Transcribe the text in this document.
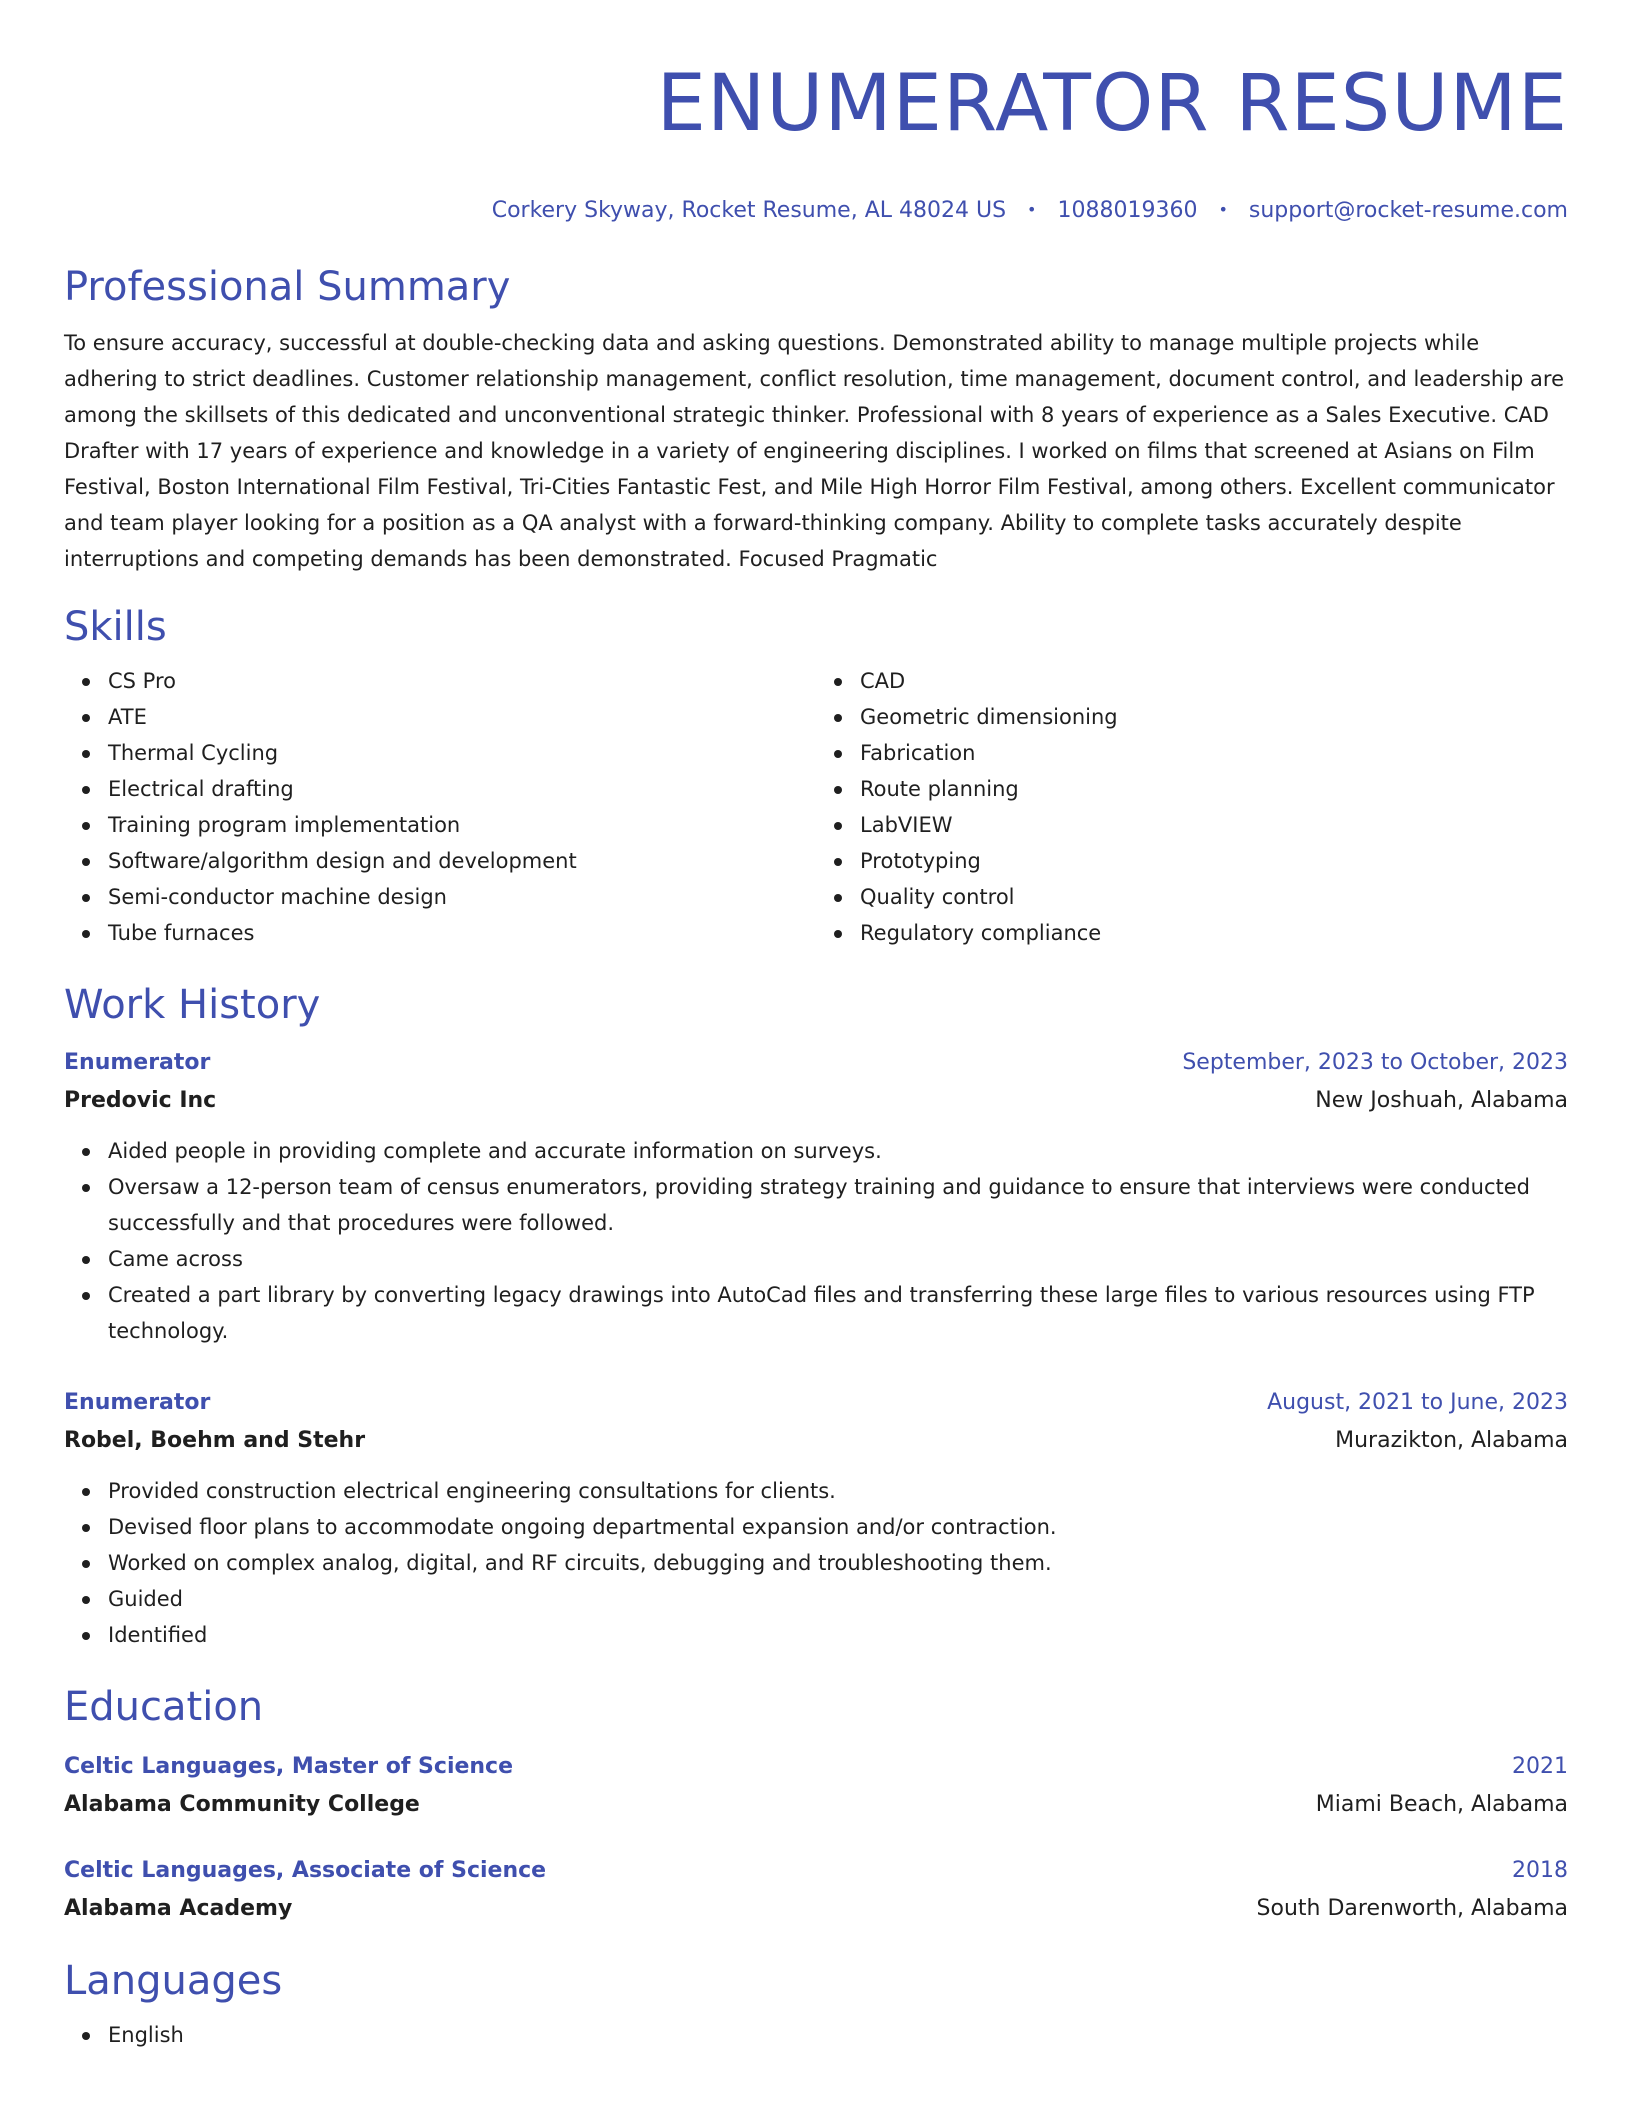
ENUMERATOR RESUME
Corkery Skyway, Rocket Resume, AL 48024 US • 1088019360 • support@rocket-resume.com
Professional Summary
To ensure accuracy, successful at double-checking data and asking questions. Demonstrated ability to manage multiple projects while adhering to strict deadlines. Customer relationship management, conflict resolution, time management, document control, and leadership are among the skillsets of this dedicated and unconventional strategic thinker. Professional with 8 years of experience as a Sales Executive. CAD Drafter with 17 years of experience and knowledge in a variety of engineering disciplines. I worked on films that screened at Asians on Film Festival, Boston International Film Festival, Tri-Cities Fantastic Fest, and Mile High Horror Film Festival, among others. Excellent communicator and team player looking for a position as a QA analyst with a forward-thinking company. Ability to complete tasks accurately despite interruptions and competing demands has been demonstrated. Focused Pragmatic
Skills
CS Pro
ATE
Thermal Cycling
Electrical drafting
Training program implementation
Software/algorithm design and development
Semi-conductor machine design
Tube furnaces
CAD
Geometric dimensioning
Fabrication
Route planning
LabVIEW
Prototyping
Quality control
Regulatory compliance
Work History
Enumerator	September, 2023 to October, 2023
Predovic Inc	New Joshuah, Alabama
Aided people in providing complete and accurate information on surveys.
Oversaw a 12-person team of census enumerators, providing strategy training and guidance to ensure that interviews were conducted successfully and that procedures were followed.
Came across
Created a part library by converting legacy drawings into AutoCad files and transferring these large files to various resources using FTP technology.
Enumerator	August, 2021 to June, 2023
Robel, Boehm and Stehr	Murazikton, Alabama
Provided construction electrical engineering consultations for clients.
Devised floor plans to accommodate ongoing departmental expansion and/or contraction.
Worked on complex analog, digital, and RF circuits, debugging and troubleshooting them.
Guided
Identified
Education
Celtic Languages, Master of Science	2021
Alabama Community College	Miami Beach, Alabama
Celtic Languages, Associate of Science	2018
Alabama Academy	South Darenworth, Alabama
Languages
English
